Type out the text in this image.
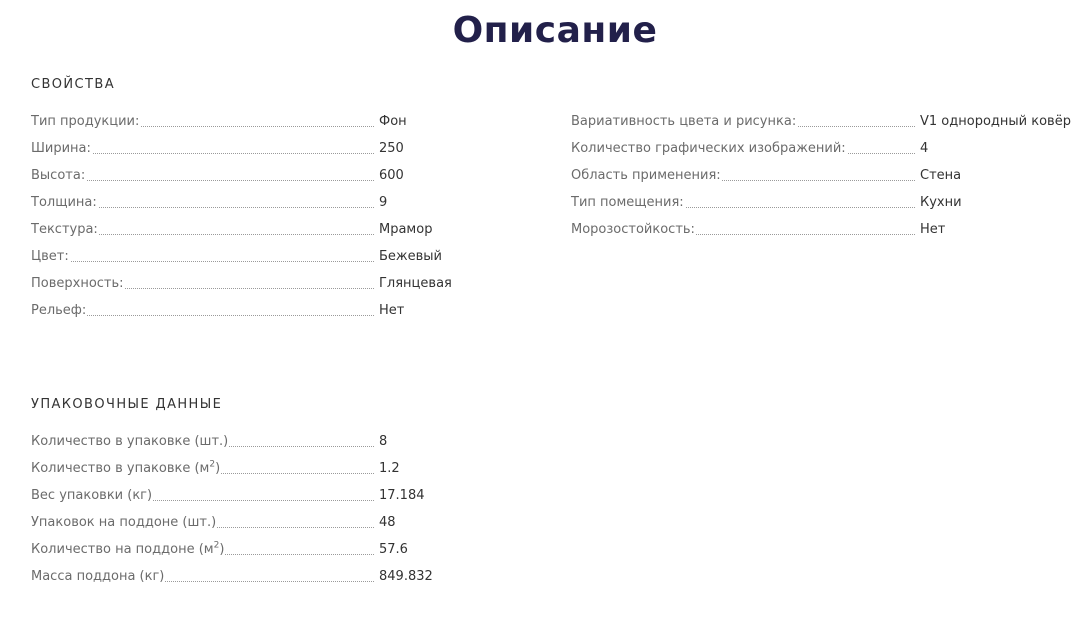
Описание
СВОЙСТВА
Тип продукции:	Фон
Ширина:	250
Высота:	600
Толщина:	9
Текстура:	Мрамор
Цвет:	Бежевый
Поверхность:	Глянцевая
Рельеф:	Нет
Вариативность цвета и рисунка:	V1 однородный ковёр
Количество графических изображений:	4
Область применения:	Стена
Тип помещения:	Кухни
Морозостойкость:	Нет
УПАКОВОЧНЫЕ ДАННЫЕ
Количество в упаковке (шт.)	8
Количество в упаковке $(м^2)$	1.2
Вес упаковки (кг)	17.184
Упаковок на поддоне (шт.)	48
Количество на поддоне $(м^2)$	57.6
Масса поддона (кг)	849.832
